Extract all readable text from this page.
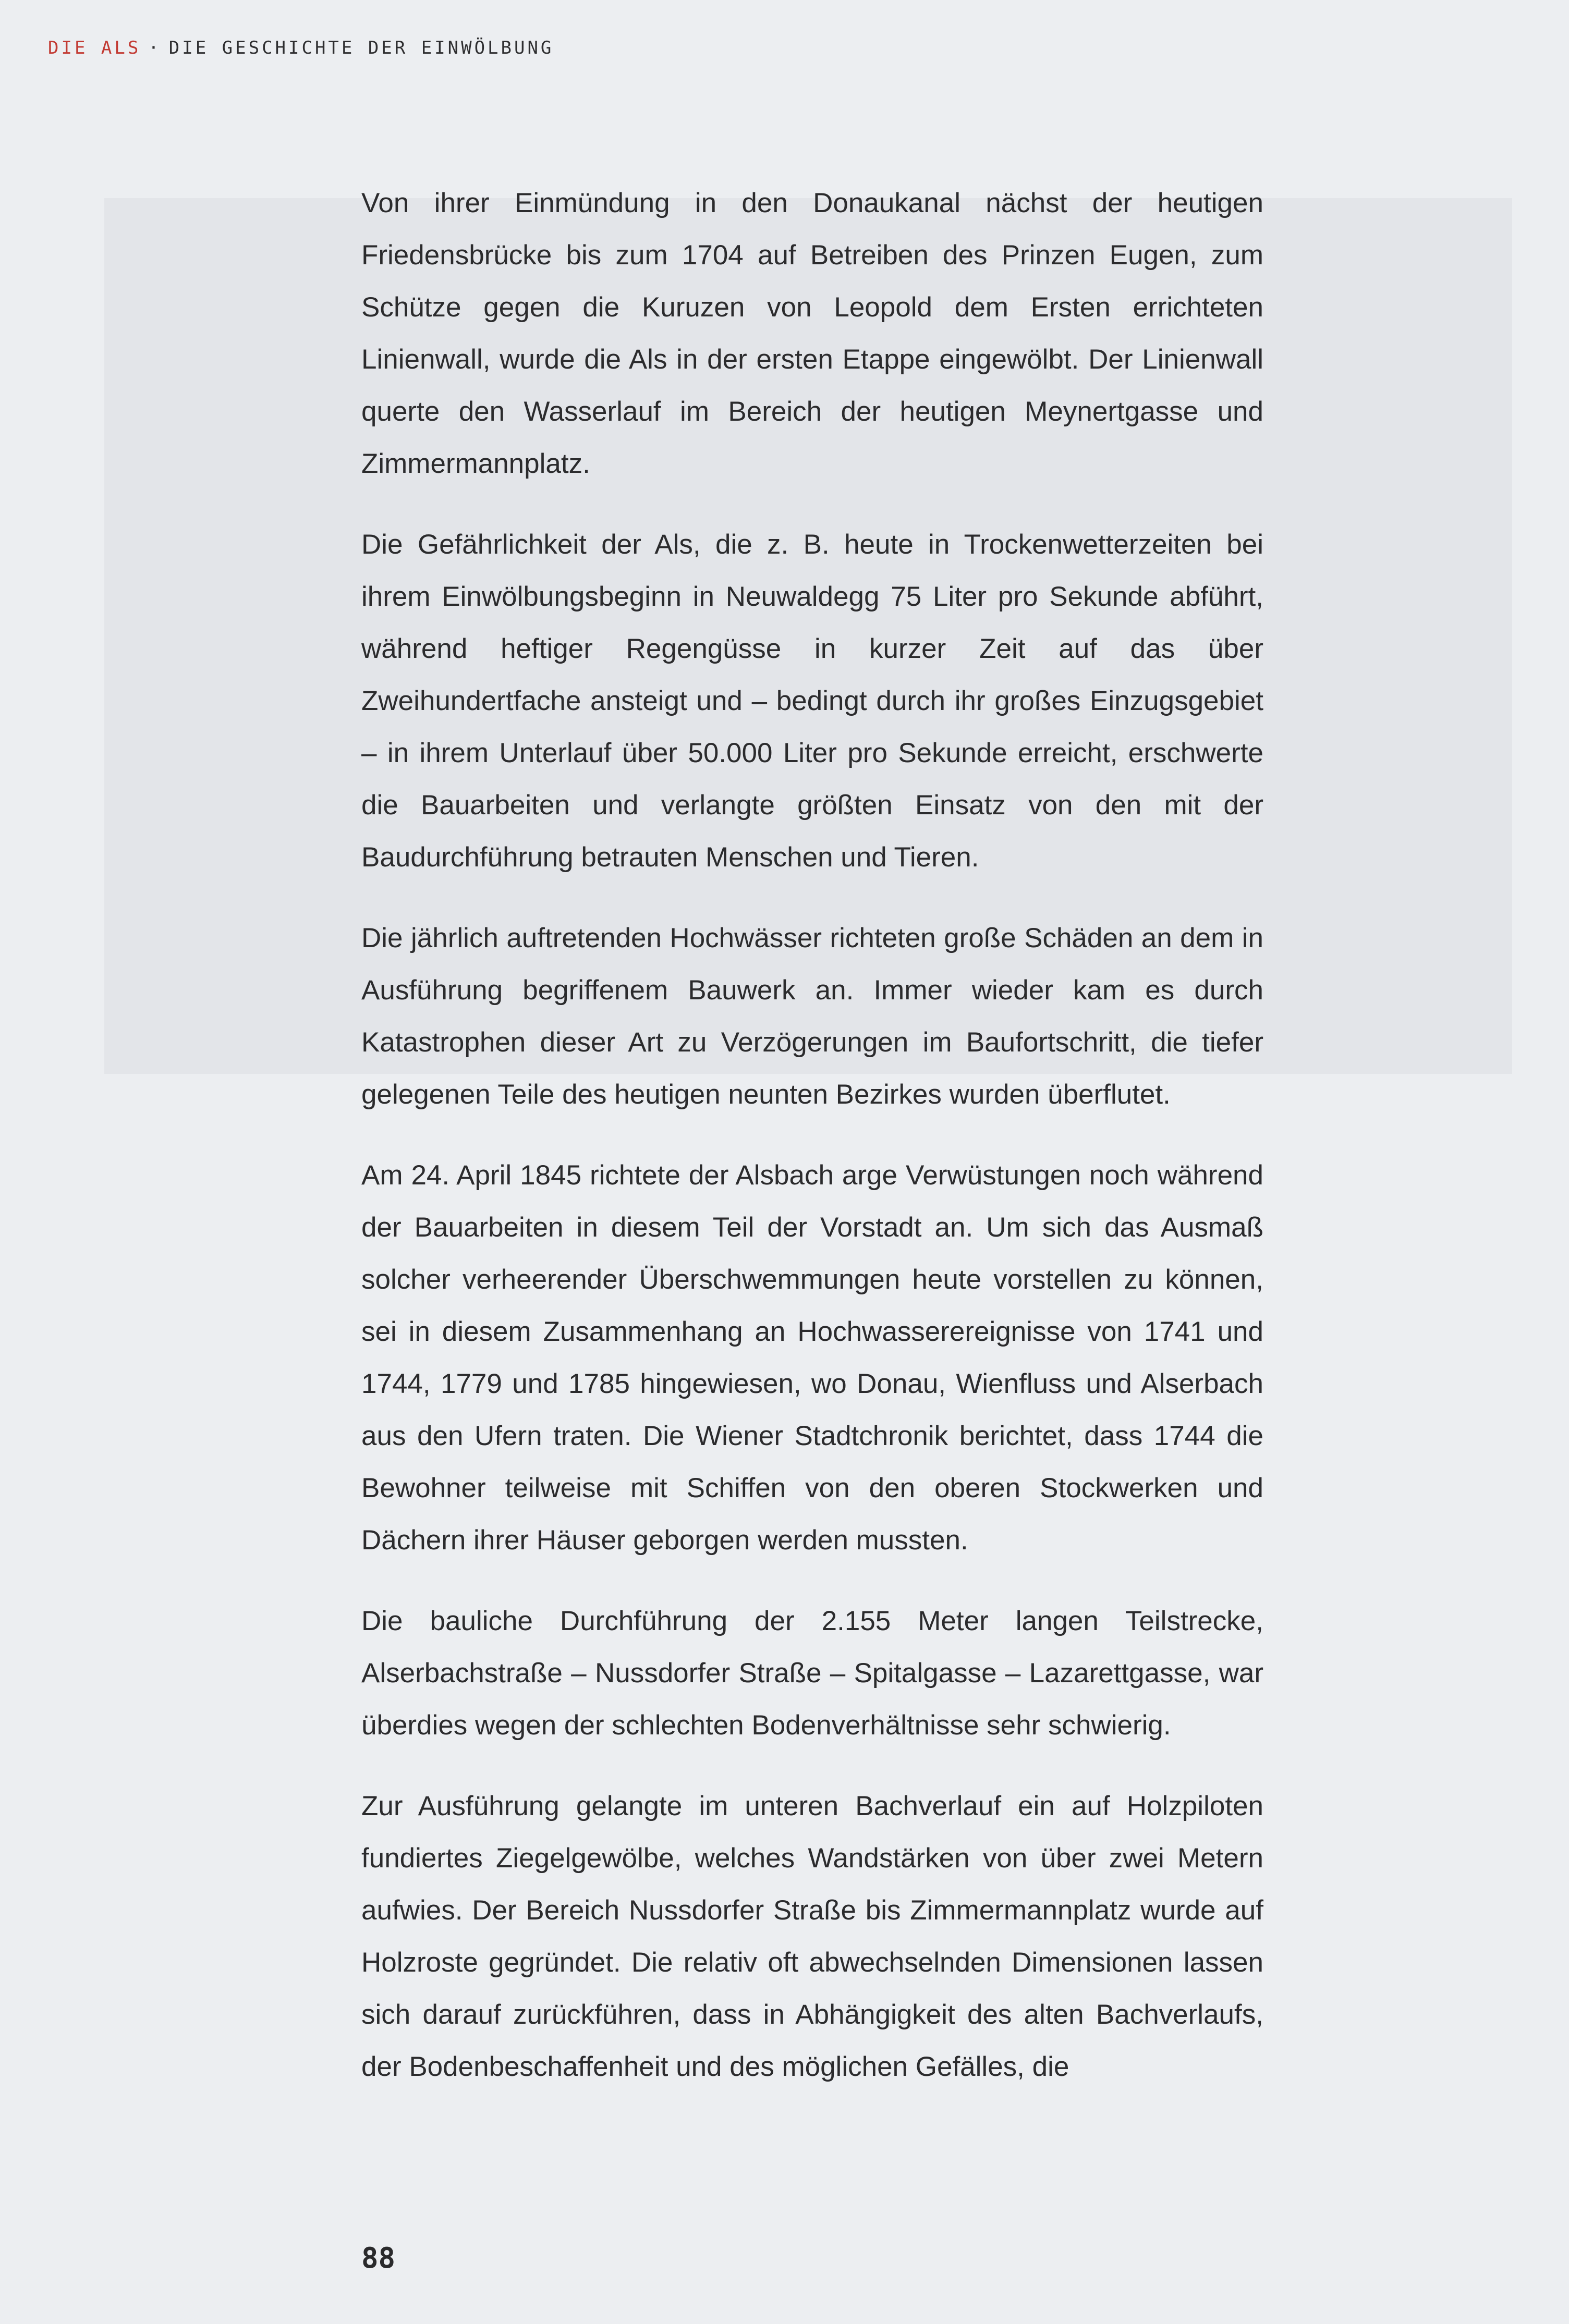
DIE ALS · DIE GESCHICHTE DER EINWÖLBUNG

Von ihrer Einmündung in den Donaukanal nächst der heutigen Friedensbrücke bis zum 1704 auf Betreiben des Prinzen Eugen, zum Schütze gegen die Kuruzen von Leopold dem Ersten errichteten Linienwall, wurde die Als in der ersten Etappe eingewölbt. Der Linienwall querte den Wasserlauf im Bereich der heutigen Meynertgasse und Zimmermannplatz.

Die Gefährlichkeit der Als, die z. B. heute in Trockenwetterzeiten bei ihrem Einwölbungsbeginn in Neuwaldegg 75 Liter pro Sekunde abführt, während heftiger Regengüsse in kurzer Zeit auf das über Zweihundertfache ansteigt und – bedingt durch ihr großes Einzugsgebiet – in ihrem Unterlauf über 50.000 Liter pro Sekunde erreicht, erschwerte die Bauarbeiten und verlangte größten Einsatz von den mit der Baudurchführung betrauten Menschen und Tieren.

Die jährlich auftretenden Hochwässer richteten große Schäden an dem in Ausführung begriffenem Bauwerk an. Immer wieder kam es durch Katastrophen dieser Art zu Verzögerungen im Baufortschritt, die tiefer gelegenen Teile des heutigen neunten Bezirkes wurden überflutet.

Am 24. April 1845 richtete der Alsbach arge Verwüstungen noch während der Bauarbeiten in diesem Teil der Vorstadt an. Um sich das Ausmaß solcher verheerender Überschwemmungen heute vorstellen zu können, sei in diesem Zusammenhang an Hochwasserereignisse von 1741 und 1744, 1779 und 1785 hingewiesen, wo Donau, Wienfluss und Alserbach aus den Ufern traten. Die Wiener Stadtchronik berichtet, dass 1744 die Bewohner teilweise mit Schiffen von den oberen Stockwerken und Dächern ihrer Häuser geborgen werden mussten.

Die bauliche Durchführung der 2.155 Meter langen Teilstrecke, Alserbachstraße – Nussdorfer Straße – Spitalgasse – Lazarettgasse, war überdies wegen der schlechten Bodenverhältnisse sehr schwierig.

Zur Ausführung gelangte im unteren Bachverlauf ein auf Holzpiloten fundiertes Ziegelgewölbe, welches Wandstärken von über zwei Metern aufwies. Der Bereich Nussdorfer Straße bis Zimmermannplatz wurde auf Holzroste gegründet. Die relativ oft abwechselnden Dimensionen lassen sich darauf zurückführen, dass in Abhängigkeit des alten Bachverlaufs, der Bodenbeschaffenheit und des möglichen Gefälles, die

88
